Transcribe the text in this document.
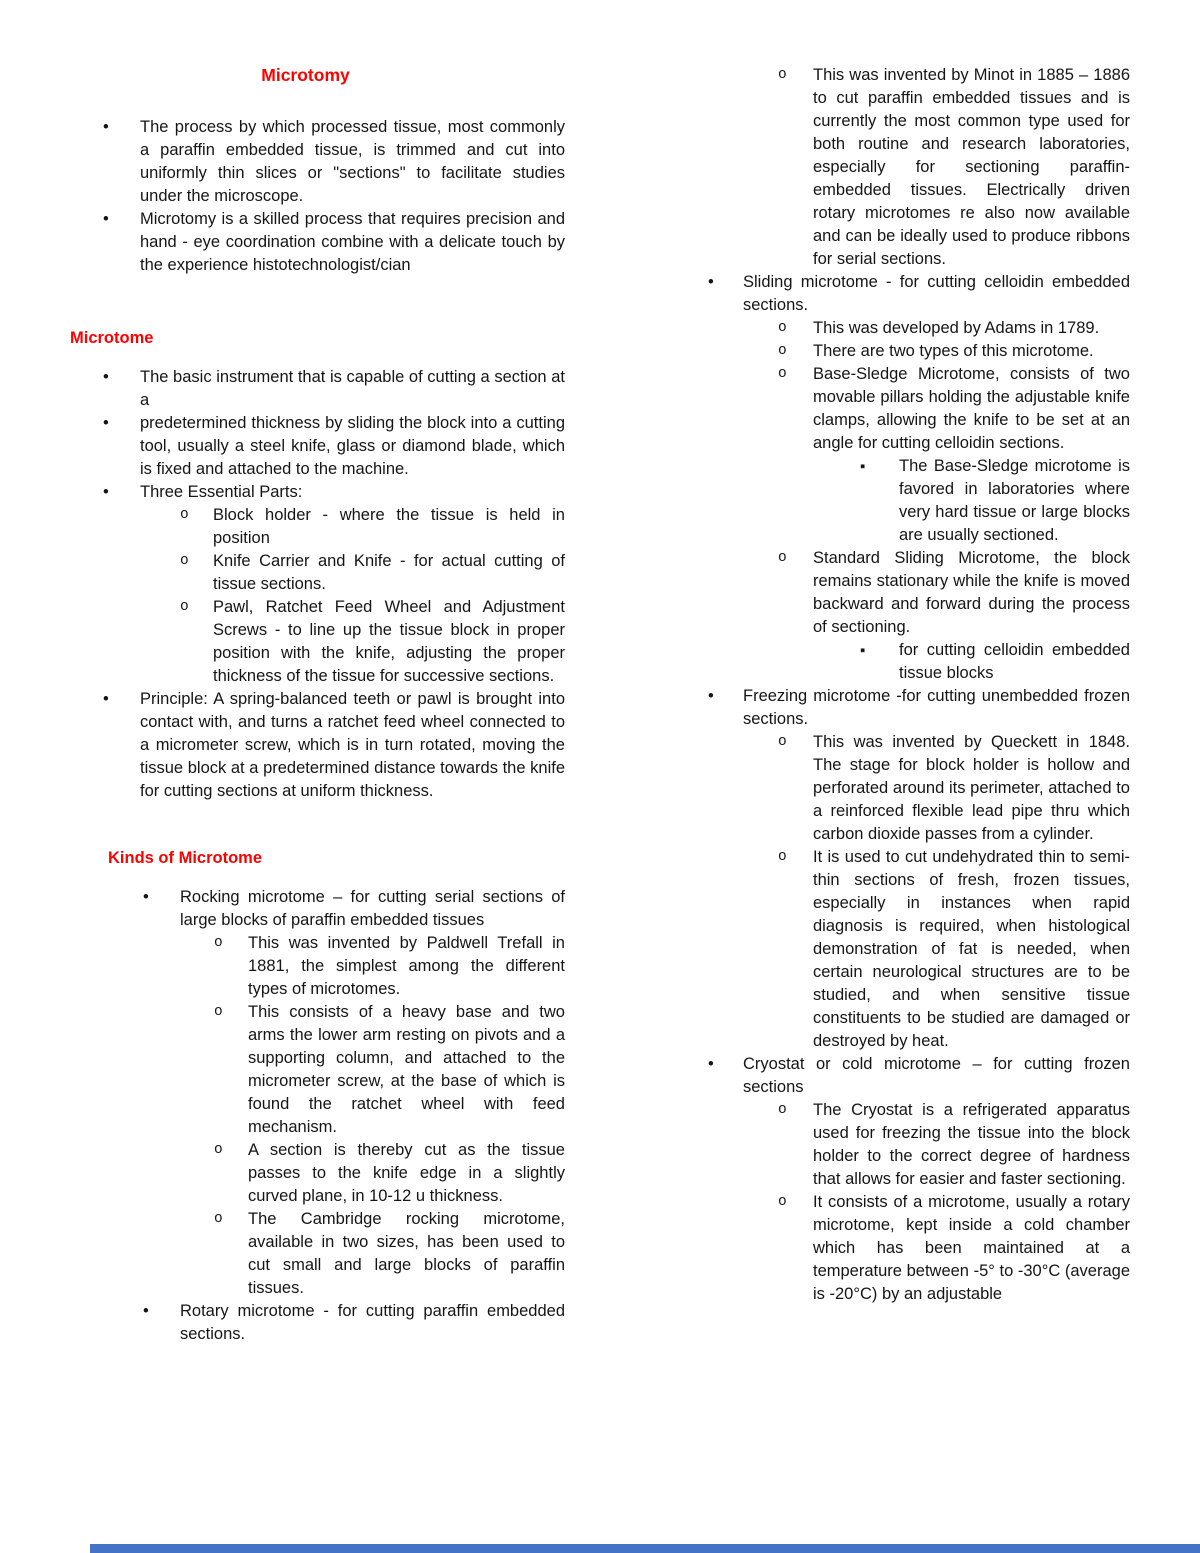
Microtomy
• The process by which processed tissue, most commonly a paraffin embedded tissue, is trimmed and cut into uniformly thin slices or "sections" to facilitate studies under the microscope.
• Microtomy is a skilled process that requires precision and hand - eye coordination combine with a delicate touch by the experience histotechnologist/cian
Microtome
• The basic instrument that is capable of cutting a section at a
• predetermined thickness by sliding the block into a cutting tool, usually a steel knife, glass or diamond blade, which is fixed and attached to the machine.
• Three Essential Parts:
o Block holder - where the tissue is held in position
o Knife Carrier and Knife - for actual cutting of tissue sections.
o Pawl, Ratchet Feed Wheel and Adjustment Screws - to line up the tissue block in proper position with the knife, adjusting the proper thickness of the tissue for successive sections.
• Principle: A spring-balanced teeth or pawl is brought into contact with, and turns a ratchet feed wheel connected to a micrometer screw, which is in turn rotated, moving the tissue block at a predetermined distance towards the knife for cutting sections at uniform thickness.
Kinds of Microtome
• Rocking microtome – for cutting serial sections of large blocks of paraffin embedded tissues
o This was invented by Paldwell Trefall in 1881, the simplest among the different types of microtomes.
o This consists of a heavy base and two arms the lower arm resting on pivots and a supporting column, and attached to the micrometer screw, at the base of which is found the ratchet wheel with feed mechanism.
o A section is thereby cut as the tissue passes to the knife edge in a slightly curved plane, in 10-12 u thickness.
o The Cambridge rocking microtome, available in two sizes, has been used to cut small and large blocks of paraffin tissues.
• Rotary microtome - for cutting paraffin embedded sections.
o This was invented by Minot in 1885 – 1886 to cut paraffin embedded tissues and is currently the most common type used for both routine and research laboratories, especially for sectioning paraffin-embedded tissues. Electrically driven rotary microtomes re also now available and can be ideally used to produce ribbons for serial sections.
• Sliding microtome - for cutting celloidin embedded sections.
o This was developed by Adams in 1789.
o There are two types of this microtome.
o Base-Sledge Microtome, consists of two movable pillars holding the adjustable knife clamps, allowing the knife to be set at an angle for cutting celloidin sections.
▪ The Base-Sledge microtome is favored in laboratories where very hard tissue or large blocks are usually sectioned.
o Standard Sliding Microtome, the block remains stationary while the knife is moved backward and forward during the process of sectioning.
▪ for cutting celloidin embedded tissue blocks
• Freezing microtome -for cutting unembedded frozen sections.
o This was invented by Queckett in 1848. The stage for block holder is hollow and perforated around its perimeter, attached to a reinforced flexible lead pipe thru which carbon dioxide passes from a cylinder.
o It is used to cut undehydrated thin to semi-thin sections of fresh, frozen tissues, especially in instances when rapid diagnosis is required, when histological demonstration of fat is needed, when certain neurological structures are to be studied, and when sensitive tissue constituents to be studied are damaged or destroyed by heat.
• Cryostat or cold microtome – for cutting frozen sections
o The Cryostat is a refrigerated apparatus used for freezing the tissue into the block holder to the correct degree of hardness that allows for easier and faster sectioning.
o It consists of a microtome, usually a rotary microtome, kept inside a cold chamber which has been maintained at a temperature between -5° to -30°C (average is -20°C) by an adjustable
